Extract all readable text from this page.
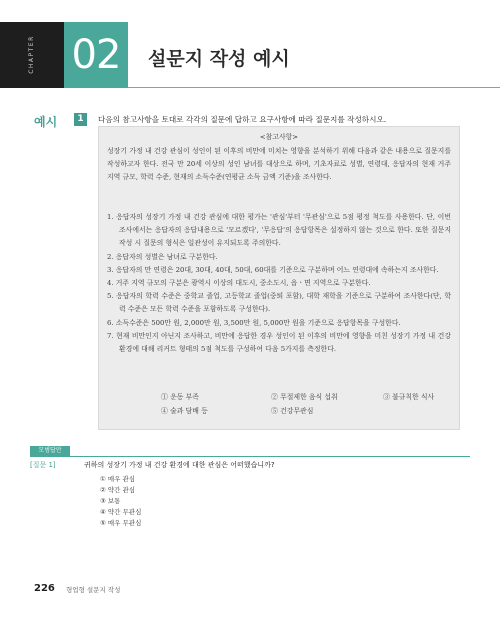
CHAPTER 02	설문지 작성 예시
예시	1	다음의 참고사항을 토대로 각각의 질문에 답하고 요구사항에 따라 질문지를 작성하시오.
<참고사항>
성장기 가정 내 건강 관심이 성인이 된 이후의 비만에 미치는 영향을 분석하기 위해 다음과 같은 내용으로 질문지를 작성하고자 한다. 전국 만 20세 이상의 성인 남녀를 대상으로 하며, 기초자료로 성별, 연령대, 응답자의 현재 거주 지역 규모, 학력 수준, 현재의 소득수준(연평균 소득 금액 기준)을 조사한다.
1. 응답자의 성장기 가정 내 건강 관심에 대한 평가는 '관심'부터 '무관심'으로 5점 평정 척도를 사용한다. 단, 이번 조사에서는 응답자의 응답내용으로 '모르겠다', '무응답'의 응답항목은 설정하지 않는 것으로 한다. 또한 질문지 작성 시 질문의 형식은 일관성이 유지되도록 주의한다.
2. 응답자의 성별은 남녀로 구분한다.
3. 응답자의 만 연령은 20대, 30대, 40대, 50대, 60대를 기준으로 구분하며 어느 연령대에 속하는지 조사한다.
4. 거주 지역 규모의 구분은 광역시 이상의 대도시, 중소도시, 읍ㆍ면 지역으로 구분한다.
5. 응답자의 학력 수준은 중학교 졸업, 고등학교 졸업(중퇴 포함), 대학 재학을 기준으로 구분하여 조사한다(단, 학력 수준은 모든 학력 수준을 포함하도록 구성한다).
6. 소득수준은 500만 원, 2,000만 원, 3,500만 원, 5,000만 원을 기준으로 응답항목을 구성한다.
7. 현재 비만인지 아닌지 조사하고, 비만에 응답한 경우 성인이 된 이후의 비만에 영향을 미친 성장기 가정 내 건강 환경에 대해 리커트 형태의 5점 척도를 구성하여 다음 5가지를 측정한다.
① 운동 부족	② 무절제한 음식 섭취	③ 불규칙한 식사
④ 술과 담배 등	⑤ 건강무관심
모범답안
[질문 1]	귀하의 성장기 가정 내 건강 환경에 대한 관심은 어떠했습니까?
① 매우 관심
② 약간 관심
③ 보통
④ 약간 무관심
⑤ 매우 무관심
226 형업형 설문지 작성
